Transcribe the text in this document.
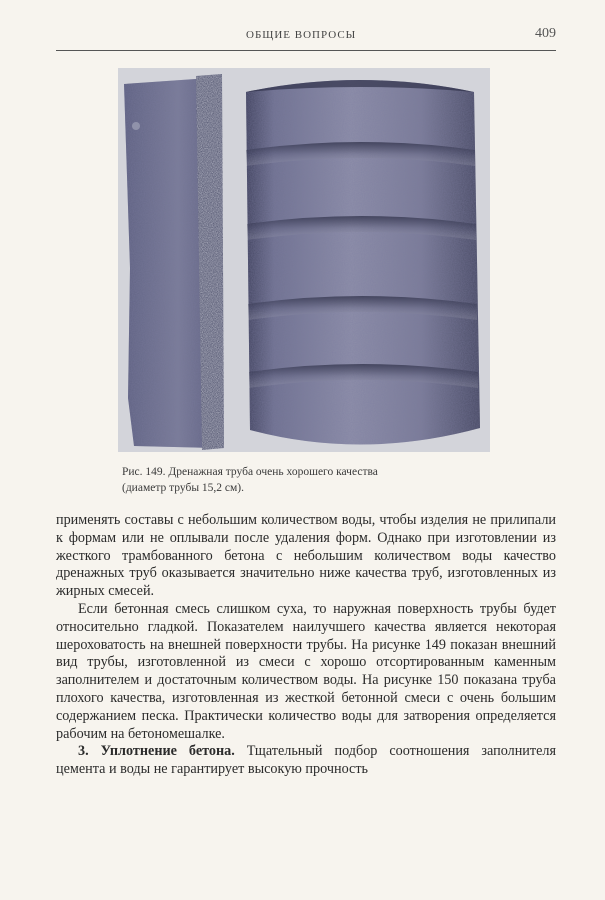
ОБЩИЕ ВОПРОСЫ	409
Рис. 149. Дренажная труба очень хорошего качества
(диаметр трубы 15,2 см).

применять составы с небольшим количеством воды, чтобы изделия не прилипали к формам или не оплывали после удаления форм. Однако при изготовлении из жесткого трамбованного бетона с небольшим количеством воды качество дренажных труб оказывается значительно ниже качества труб, изготовленных из жирных смесей.

Если бетонная смесь слишком суха, то наружная поверхность трубы будет относительно гладкой. Показателем наилучшего качества является некоторая шероховатость на внешней поверхности трубы. На рисунке 149 показан внешний вид трубы, изготовленной из смеси с хорошо отсортированным каменным заполнителем и достаточным количеством воды. На рисунке 150 показана труба плохого качества, изготовленная из жесткой бетонной смеси с очень большим содержанием песка. Практически количество воды для затворения определяется рабочим на бетономешалке.

3. Уплотнение бетона. Тщательный подбор соотношения заполнителя цемента и воды не гарантирует высокую прочность
